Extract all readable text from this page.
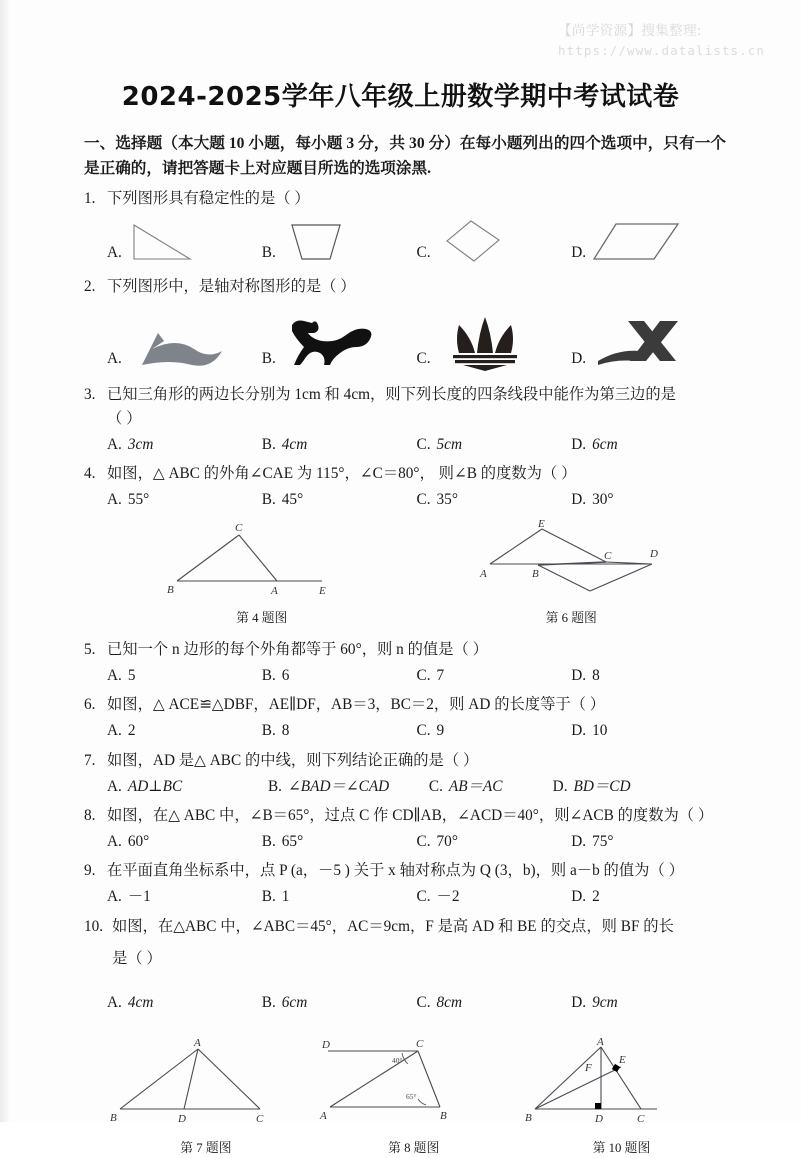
【尚学资源】搜集整理:
https://www.datalists.cn
2024-2025学年八年级上册数学期中考试试卷
一、选择题（本大题 10 小题，每小题 3 分，共 30 分）在每小题列出的四个选项中，只有一个是正确的，请把答题卡上对应题目所选的选项涂黑.
1. 下列图形具有稳定性的是（ ）
A.	B.	C.	D.
2. 下列图形中，是轴对称图形的是（ ）
A.	B.	C.	D.
3. 已知三角形的两边长分别为 1cm 和 4cm，则下列长度的四条线段中能作为第三边的是
（ ）
A. 3cm	B. 4cm	C. 5cm	D. 6cm
4. 如图，△ ABC 的外角∠CAE 为 115°，∠C＝80°， 则∠B 的度数为（ ）
A. 55°	B. 45°	C. 35°	D. 30°
C
B	A	E
第 4 题图
E
A	B
C	D
第 6 题图
5. 已知一个 n 边形的每个外角都等于 60°，则 n 的值是（ ）
A. 5	B. 6	C. 7	D. 8
6. 如图，△ ACE≌△DBF，AE∥DF，AB＝3，BC＝2，则 AD 的长度等于（ ）
A. 2	B. 8	C. 9	D. 10
7. 如图，AD 是△ ABC 的中线，则下列结论正确的是（ ）
A. AD⊥BC	B. ∠BAD＝∠CAD	C. AB＝AC	D. BD＝CD
8. 如图，在△ ABC 中，∠B＝65°，过点 C 作 CD∥AB，∠ACD＝40°，则∠ACB 的度数为（ ）
A. 60°	B. 65°	C. 70°	D. 75°
9. 在平面直角坐标系中，点 P (a，－5 ) 关于 x 轴对称点为 Q (3，b)，则 a－b 的值为（ ）
A. －1	B. 1	C. －2	D. 2
10. 如图，在△ABC 中，∠ABC＝45°，AC＝9cm，F 是高 AD 和 BE 的交点，则 BF 的长
是（ ）
A. 4cm	B. 6cm	C. 8cm	D. 9cm
A
B	D	C
第 7 题图
D	C
A	B
40°
65°
第 8 题图
A
F
E
B	D	C
第 10 题图
